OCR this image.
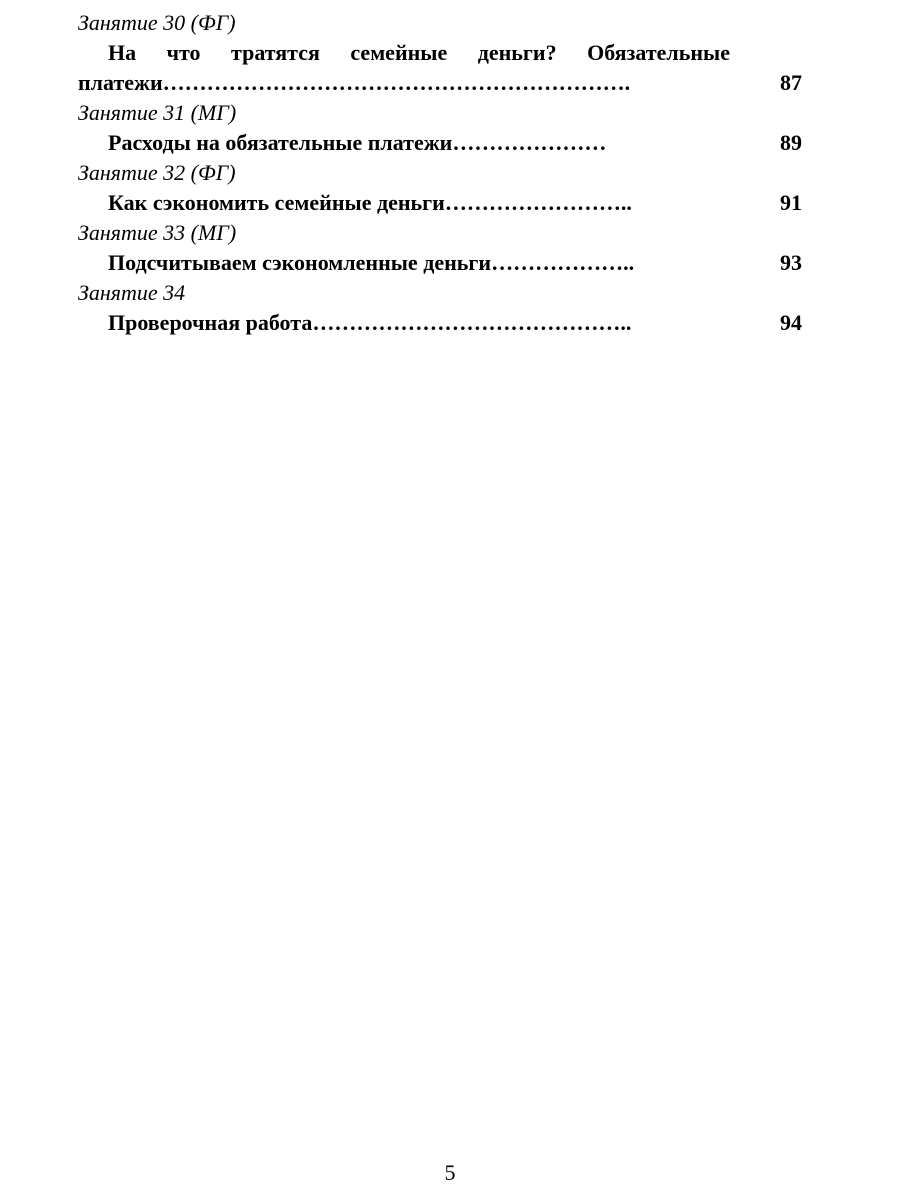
Занятие 30 (ФГ)
На что тратятся семейные деньги? Обязательные
платежи……………………………………………………….	87
Занятие 31 (МГ)
Расходы на обязательные платежи…………………	89
Занятие 32 (ФГ)
Как сэкономить семейные деньги……………………..	91
Занятие 33 (МГ)
Подсчитываем сэкономленные деньги………………..	93
Занятие 34
Проверочная работа……………………………………..	94
5
